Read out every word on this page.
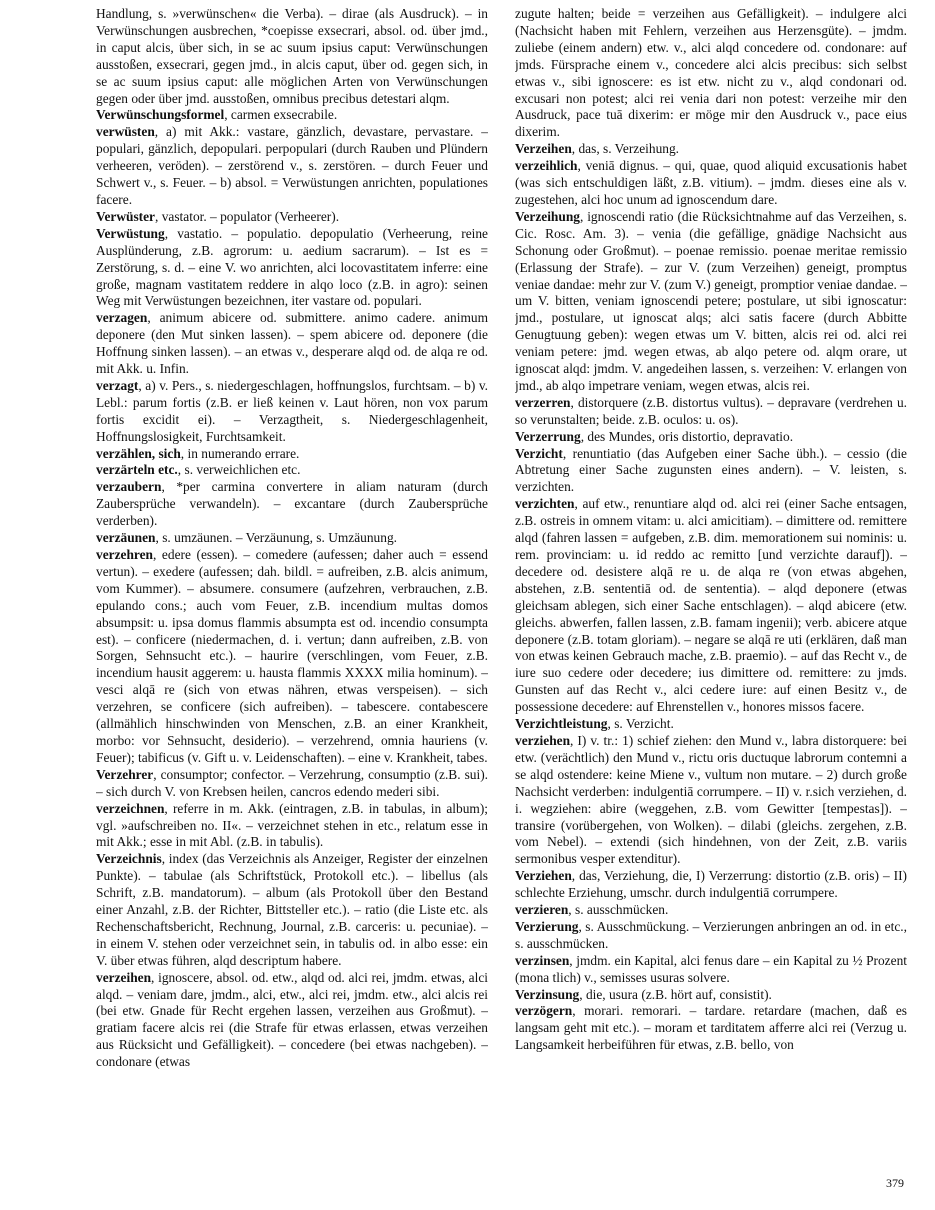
Handlung, s. »verwünschen« die Verba). – dirae (als Ausdruck). – in Verwünschungen ausbrechen, *coepisse exsecrari, absol. od. über jmd., in caput alcis, über sich, in se ac suum ipsius caput: Verwünschungen ausstoßen, exsecrari, gegen jmd., in alcis caput, über od. gegen sich, in se ac suum ipsius caput: alle möglichen Arten von Verwünschungen gegen oder über jmd. ausstoßen, omnibus precibus detestari alqm.

Verwünschungsformel, carmen exsecrabile.

verwüsten, a) mit Akk.: vastare, gänzlich, devastare, pervastare. – populari, gänzlich, depopulari. perpopulari (durch Rauben und Plündern verheeren, veröden). – zerstörend v., s. zerstören. – durch Feuer und Schwert v., s. Feuer. – b) absol. = Verwüstungen anrichten, populationes facere.

Verwüster, vastator. – populator (Verheerer).

Verwüstung, vastatio. – populatio. depopulatio (Verheerung, reine Ausplünderung, z.B. agrorum: u. aedium sacrarum). – Ist es = Zerstörung, s. d. – eine V. wo anrichten, alci locovastitatem inferre: eine große, magnam vastitatem reddere in alqo loco (z.B. in agro): seinen Weg mit Verwüstungen bezeichnen, iter vastare od. populari.

verzagen, animum abicere od. submittere. animo cadere. animum deponere (den Mut sinken lassen). – spem abicere od. deponere (die Hoffnung sinken lassen). – an etwas v., desperare alqd od. de alqa re od. mit Akk. u. Infin.

verzagt, a) v. Pers., s. niedergeschlagen, hoffnungslos, furchtsam. – b) v. Lebl.: parum fortis (z.B. er ließ keinen v. Laut hören, non vox parum fortis excidit ei). – Verzagtheit, s. Niedergeschlagenheit, Hoffnungslosigkeit, Furchtsamkeit.

verzählen, sich, in numerando errare.

verzärteln etc., s. verweichlichen etc.

verzaubern, *per carmina convertere in aliam naturam (durch Zaubersprüche verwandeln). – excantare (durch Zaubersprüche verderben).

verzäunen, s. umzäunen. – Verzäunung, s. Umzäunung.

verzehren, edere (essen). – comedere (aufessen; daher auch = essend vertun). – exedere (aufessen; dah. bildl. = aufreiben, z.B. alcis animum, vom Kummer). – absumere. consumere (aufzehren, verbrauchen, z.B. epulando cons.; auch vom Feuer, z.B. incendium multas domos absumpsit: u. ipsa domus flammis absumpta est od. incendio consumpta est). – conficere (niedermachen, d. i. vertun; dann aufreiben, z.B. von Sorgen, Sehnsucht etc.). – haurire (verschlingen, vom Feuer, z.B. incendium hausit aggerem: u. hausta flammis XXXX milia hominum). – vesci alqā re (sich von etwas nähren, etwas verspeisen). – sich verzehren, se conficere (sich aufreiben). – tabescere. contabescere (allmählich hinschwinden von Menschen, z.B. an einer Krankheit, morbo: vor Sehnsucht, desiderio). – verzehrend, omnia hauriens (v. Feuer); tabificus (v. Gift u. v. Leidenschaften). – eine v. Krankheit, tabes.

Verzehrer, consumptor; confector. – Verzehrung, consumptio (z.B. sui). – sich durch V. von Krebsen heilen, cancros edendo mederi sibi.

verzeichnen, referre in m. Akk. (eintragen, z.B. in tabulas, in album); vgl. »aufschreiben no. II«. – verzeichnet stehen in etc., relatum esse in mit Akk.; esse in mit Abl. (z.B. in tabulis).

Verzeichnis, index (das Verzeichnis als Anzeiger, Register der einzelnen Punkte). – tabulae (als Schriftstück, Protokoll etc.). – libellus (als Schrift, z.B. mandatorum). – album (als Protokoll über den Bestand einer Anzahl, z.B. der Richter, Bittsteller etc.). – ratio (die Liste etc. als Rechenschaftsbericht, Rechnung, Journal, z.B. carceris: u. pecuniae). – in einem V. stehen oder verzeichnet sein, in tabulis od. in albo esse: ein V. über etwas führen, alqd descriptum habere.

verzeihen, ignoscere, absol. od. etw., alqd od. alci rei, jmdm. etwas, alci alqd. – veniam dare, jmdm., alci, etw., alci rei, jmdm. etw., alci alcis rei (bei etw. Gnade für Recht ergehen lassen, verzeihen aus Großmut). – gratiam facere alcis rei (die Strafe für etwas erlassen, etwas verzeihen aus Rücksicht und Gefälligkeit). – concedere (bei etwas nachgeben). – condonare (etwas

zugute halten; beide = verzeihen aus Gefälligkeit). – indulgere alci (Nachsicht haben mit Fehlern, verzeihen aus Herzensgüte). – jmdm. zuliebe (einem andern) etw. v., alci alqd concedere od. condonare: auf jmds. Fürsprache einem v., concedere alci alcis precibus: sich selbst etwas v., sibi ignoscere: es ist etw. nicht zu v., alqd condonari od. excusari non potest; alci rei venia dari non potest: verzeihe mir den Ausdruck, pace tuā dixerim: er möge mir den Ausdruck v., pace eius dixerim.

Verzeihen, das, s. Verzeihung.

verzeihlich, veniā dignus. – qui, quae, quod aliquid excusationis habet (was sich entschuldigen läßt, z.B. vitium). – jmdm. dieses eine als v. zugestehen, alci hoc unum ad ignoscendum dare.

Verzeihung, ignoscendi ratio (die Rücksichtnahme auf das Verzeihen, s. Cic. Rosc. Am. 3). – venia (die gefällige, gnädige Nachsicht aus Schonung oder Großmut). – poenae remissio. poenae meritae remissio (Erlassung der Strafe). – zur V. (zum Verzeihen) geneigt, promptus veniae dandae: mehr zur V. (zum V.) geneigt, promptior veniae dandae. – um V. bitten, veniam ignoscendi petere; postulare, ut sibi ignoscatur: jmd., postulare, ut ignoscat alqs; alci satis facere (durch Abbitte Genugtuung geben): wegen etwas um V. bitten, alcis rei od. alci rei veniam petere: jmd. wegen etwas, ab alqo petere od. alqm orare, ut ignoscat alqd: jmdm. V. angedeihen lassen, s. verzeihen: V. erlangen von jmd., ab alqo impetrare veniam, wegen etwas, alcis rei.

verzerren, distorquere (z.B. distortus vultus). – depravare (verdrehen u. so verunstalten; beide. z.B. oculos: u. os).

Verzerrung, des Mundes, oris distortio, depravatio.

Verzicht, renuntiatio (das Aufgeben einer Sache übh.). – cessio (die Abtretung einer Sache zugunsten eines andern). – V. leisten, s. verzichten.

verzichten, auf etw., renuntiare alqd od. alci rei (einer Sache entsagen, z.B. ostreis in omnem vitam: u. alci amicitiam). – dimittere od. remittere alqd (fahren lassen = aufgeben, z.B. dim. memorationem sui nominis: u. rem. provinciam: u. id reddo ac remitto [und verzichte darauf]). – decedere od. desistere alqā re u. de alqa re (von etwas abgehen, abstehen, z.B. sententiā od. de sententia). – alqd deponere (etwas gleichsam ablegen, sich einer Sache entschlagen). – alqd abicere (etw. gleichs. abwerfen, fallen lassen, z.B. famam ingenii); verb. abicere atque deponere (z.B. totam gloriam). – negare se alqā re uti (erklären, daß man von etwas keinen Gebrauch mache, z.B. praemio). – auf das Recht v., de iure suo cedere oder decedere; ius dimittere od. remittere: zu jmds. Gunsten auf das Recht v., alci cedere iure: auf einen Besitz v., de possessione decedere: auf Ehrenstellen v., honores missos facere.

Verzichtleistung, s. Verzicht.

verziehen, I) v. tr.: 1) schief ziehen: den Mund v., labra distorquere: bei etw. (verächtlich) den Mund v., rictu oris ductuque labrorum contemni a se alqd ostendere: keine Miene v., vultum non mutare. – 2) durch große Nachsicht verderben: indulgentiā corrumpere. – II) v. r.sich verziehen, d. i. wegziehen: abire (weggehen, z.B. vom Gewitter [tempestas]). – transire (vorübergehen, von Wolken). – dilabi (gleichs. zergehen, z.B. vom Nebel). – extendi (sich hindehnen, von der Zeit, z.B. variis sermonibus vesper extenditur).

Verziehen, das, Verziehung, die, I) Verzerrung: distortio (z.B. oris) – II) schlechte Erziehung, umschr. durch indulgentiā corrumpere.

verzieren, s. ausschmücken.

Verzierung, s. Ausschmückung. – Verzierungen anbringen an od. in etc., s. ausschmücken.

verzinsen, jmdm. ein Kapital, alci fenus dare – ein Kapital zu ½ Prozent (mona tlich) v., semisses usuras solvere.

Verzinsung, die, usura (z.B. hört auf, consistit).

verzögern, morari. remorari. – tardare. retardare (machen, daß es langsam geht mit etc.). – moram et tarditatem afferre alci rei (Verzug u. Langsamkeit herbeiführen für etwas, z.B. bello, von

379
